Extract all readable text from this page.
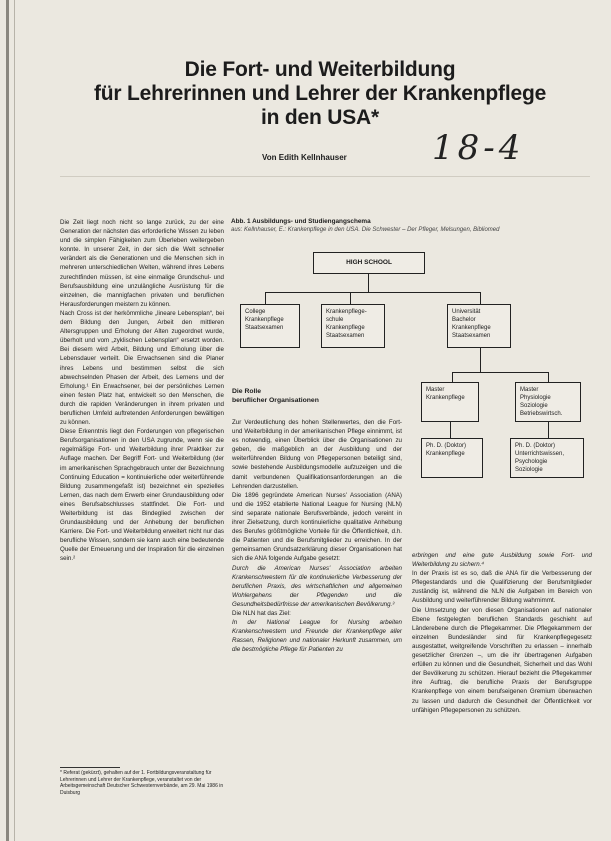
Die Fort- und Weiterbildung
für Lehrerinnen und Lehrer der Krankenpflege
in den USA*
Von Edith Kellnhauser	18-4

Die Zeit liegt noch nicht so lange zurück, zu der eine Generation der nächsten das erforderliche Wissen zu leben und die simplen Fähigkeiten zum Überleben weitergeben konnte. In unserer Zeit, in der sich die Welt schneller verändert als die Generationen und die Menschen sich in mehreren unterschiedlichen Welten, während ihres Lebens zurechtfinden müssen, ist eine einmalige Grundschul- und Berufsausbildung eine unzulängliche Ausrüstung für die einzelnen, die mannigfachen privaten und beruflichen Herausforderungen meistern zu können.

Nach Cross ist der herkömmliche „lineare Lebensplan“, bei dem Bildung den Jungen, Arbeit den mittleren Altersgruppen und Erholung der Alten zugeordnet wurde, überholt und vom „zyklischen Lebensplan“ ersetzt worden. Bei diesem wird Arbeit, Bildung und Erholung über die Lebensdauer verteilt. Die Erwachsenen sind die Planer ihres Lebens und bestimmen selbst die sich abwechselnden Phasen der Arbeit, des Lernens und der Erholung.¹ Ein Erwachsener, bei der persönliches Lernen einen festen Platz hat, entwickelt so den Menschen, die durch die rapiden Veränderungen in ihrem privaten und beruflichen Umfeld auftretenden Anforderungen bewältigen zu können.

Diese Erkenntnis liegt den Forderungen von pflegerischen Berufsorganisationen in den USA zugrunde, wenn sie die regelmäßige Fort- und Weiterbildung ihrer Praktiker zur Auflage machen. Der Begriff Fort- und Weiterbildung (der im amerikanischen Sprachgebrauch unter der Bezeichnung Continuing Education = kontinuierliche oder weiterführende Bildung zusammengefaßt ist) bezeichnet ein spezielles Lernen, das nach dem Erwerb einer Grundausbildung oder eines Berufsabschlusses stattfindet. Die Fort- und Weiterbildung ist das Bindeglied zwischen der Grundausbildung und der Anhebung der beruflichen Karriere. Die Fort- und Weiterbildung erweitert nicht nur das berufliche Wissen, sondern sie kann auch eine bedeutende Quelle der Erneuerung und der Inspiration für die einzelnen sein.²

* Referat (gekürzt), gehalten auf der 1. Fortbildungsveranstaltung für Lehrerinnen und Lehrer der Krankenpflege, veranstaltet von der Arbeitsgemeinschaft Deutscher Schwesternverbände, am 29. Mai 1986 in Duisburg
Abb. 1 Ausbildungs- und Studiengangschema
aus: Kellnhauser, E.: Krankenpflege in den USA. Die Schwester – Der Pfleger, Melsungen, Bibliomed
HIGH SCHOOL
College
Krankenpflege
Staatsexamen
Krankenpflege-
schule
Krankenpflege
Staatsexamen
Universität
Bachelor
Krankenpflege
Staatsexamen
Master
Krankenpflege
Master
Physiologie
Soziologie
Betriebswirtsch.
Ph. D. (Doktor)
Krankenpflege
Ph. D. (Doktor)
Unterrichtswissen,
Psychologie
Soziologie
Die Rolle
beruflicher Organisationen

Zur Verdeutlichung des hohen Stellenwertes, den die Fort- und Weiterbildung in der amerikanischen Pflege einnimmt, ist es notwendig, einen Überblick über die Organisationen zu geben, die maßgeblich an der Ausbildung und der weiterführenden Bildung von Pflegepersonen beteiligt sind, sowie bestehende Ausbildungsmodelle aufzuzeigen und die damit verbundenen Qualifikationsanforderungen an die Lehrenden darzustellen.

Die 1896 gegründete American Nurses' Association (ANA) und die 1952 etablierte National League for Nursing (NLN) sind separate nationale Berufsverbände, jedoch vereint in ihrer Zielsetzung, durch kontinuierliche qualitative Anhebung des Berufes größtmögliche Vorteile für die Öffentlichkeit, d.h. die Patienten und die Berufsmitglieder zu erreichen. In der gemeinsamen Grundsatzerklärung dieser Organisationen hat sich die ANA folgende Aufgabe gesetzt:

Durch die American Nurses' Association arbeiten Krankenschwestern für die kontinuierliche Verbesserung der beruflichen Praxis, des wirtschaftlichen und allgemeinen Wohlergehens der Pflegenden und die Gesundheitsbedürfnisse der amerikanischen Bevölkerung.³

Die NLN hat das Ziel:

In der National League for Nursing arbeiten Krankenschwestern und Freunde der Krankenpflege aller Rassen, Religionen und nationaler Herkunft zusammen, um die bestmögliche Pflege für Patienten zu

erbringen und eine gute Ausbildung sowie Fort- und Weiterbildung zu sichern.⁴

In der Praxis ist es so, daß die ANA für die Verbesserung der Pflegestandards und die Qualifizierung der Berufsmitglieder zuständig ist, während die NLN die Aufgaben im Bereich von Ausbildung und weiterführender Bildung wahrnimmt.

Die Umsetzung der von diesen Organisationen auf nationaler Ebene festgelegten beruflichen Standards geschieht auf Länderebene durch die Pflegekammer. Die Pflegekammern der einzelnen Bundesländer sind für Krankenpflegegesetz ausgestattet, weitgreifende Vorschriften zu erlassen – innerhalb gesetzlicher Grenzen –, um die ihr übertragenen Aufgaben erfüllen zu können und die Gesundheit, Sicherheit und das Wohl der Bevölkerung zu schützen. Hierauf bezieht die Pflegekammer ihre Auftrag, die berufliche Praxis der Berufsgruppe Krankenpflege von einem berufseigenen Gremium überwachen zu lassen und dadurch die Gesundheit der Öffentlichkeit vor unfähigen Pflegepersonen zu schützen.
